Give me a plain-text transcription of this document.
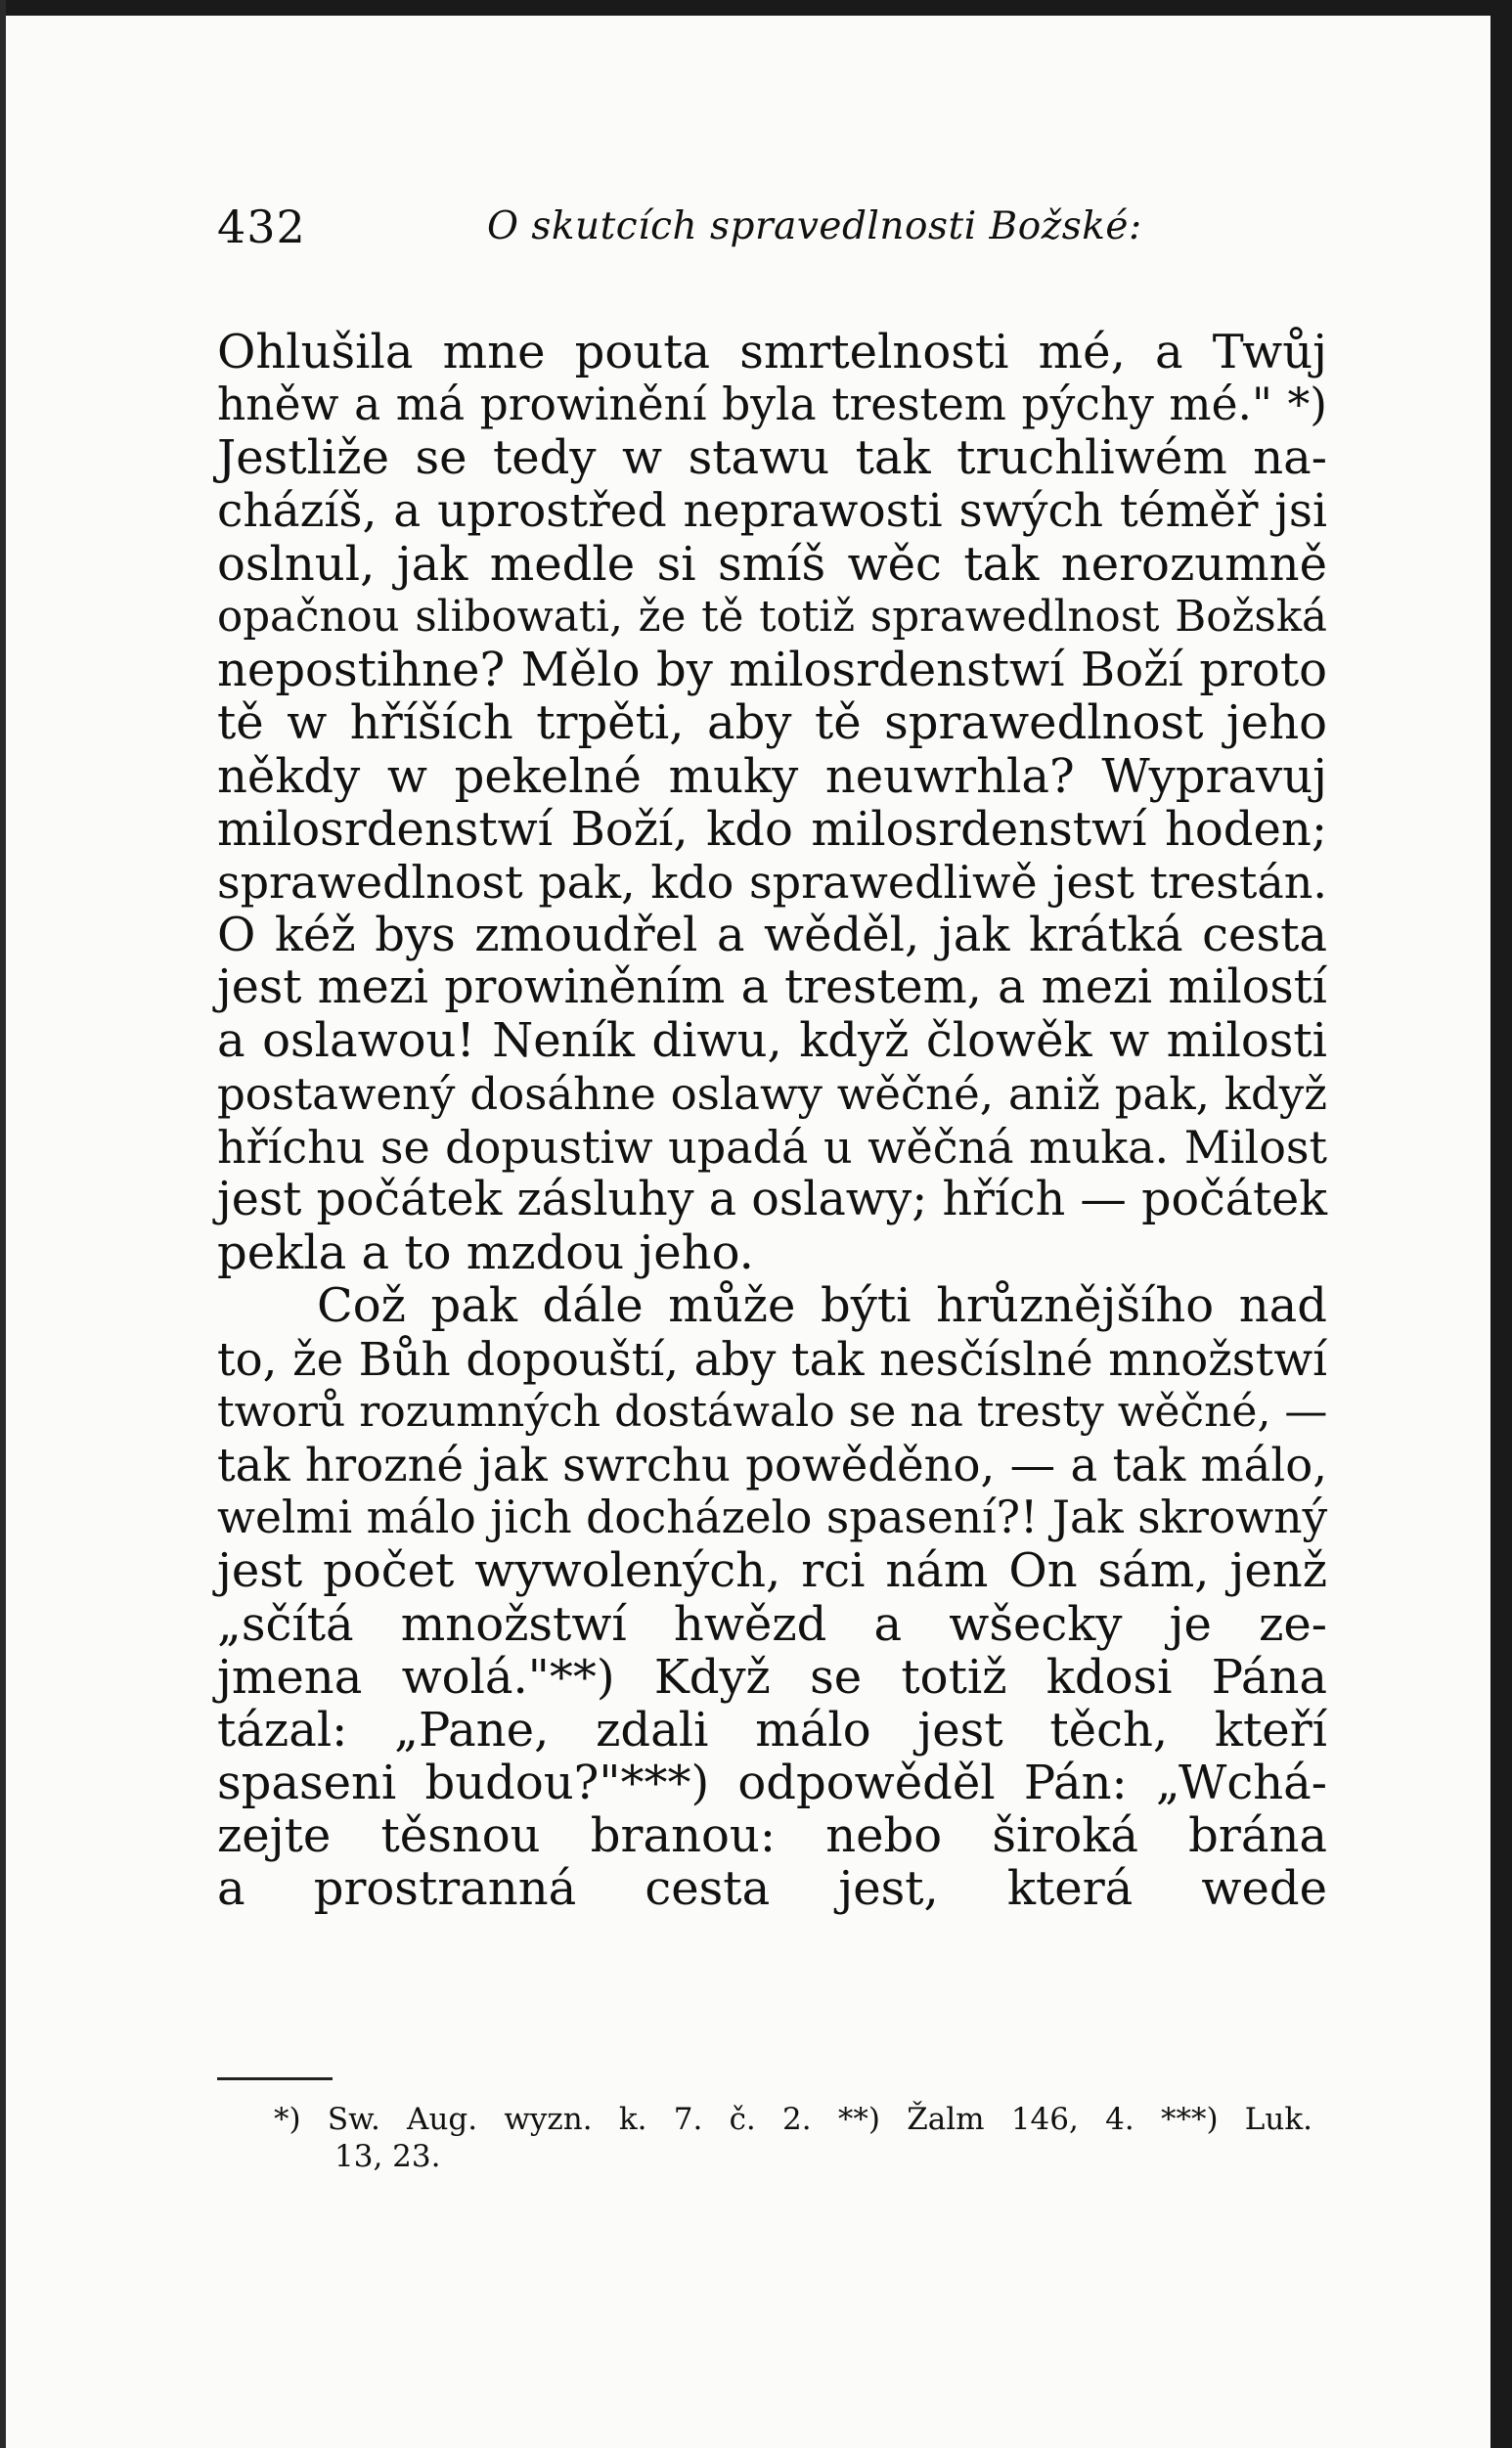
432	O skutcích spravedlnosti Božské:
Ohlušila mne pouta smrtelnosti mé, a Twůj
hněw a má prowinění byla trestem pýchy mé." *)
Jestliže se tedy w stawu tak truchliwém na-
cházíš, a uprostřed neprawosti swých téměř jsi
oslnul, jak medle si smíš wěc tak nerozumně
opačnou slibowati, že tě totiž sprawedlnost Božská
nepostihne? Mělo by milosrdenstwí Boží proto
tě w hříších trpěti, aby tě sprawedlnost jeho
někdy w pekelné muky neuwrhla? Wypravuj
milosrdenstwí Boží, kdo milosrdenstwí hoden;
sprawedlnost pak, kdo sprawedliwě jest trestán.
O kéž bys zmoudřel a wěděl, jak krátká cesta
jest mezi prowiněním a trestem, a mezi milostí
a oslawou! Neník diwu, když člowěk w milosti
postawený dosáhne oslawy wěčné, aniž pak, když
hříchu se dopustiw upadá u wěčná muka. Milost
jest počátek zásluhy a oslawy; hřích — počátek
pekla a to mzdou jeho.
Což pak dále může býti hrůznějšího nad
to, že Bůh dopouští, aby tak nesčíslné množstwí
tworů rozumných dostáwalo se na tresty wěčné, —
tak hrozné jak swrchu powěděno, — a tak málo,
welmi málo jich docházelo spasení?! Jak skrowný
jest počet wywolených, rci nám On sám, jenž
„sčítá množstwí hwězd a wšecky je ze-
jmena wolá."**) Když se totiž kdosi Pána
tázal: „Pane, zdali málo jest těch, kteří
spaseni budou?"***) odpowěděl Pán: „Wchá-
zejte těsnou branou: nebo široká brána
a prostranná cesta jest, která wede
*) Sw. Aug. wyzn. k. 7. č. 2. **) Žalm 146, 4. ***) Luk.
13, 23.
